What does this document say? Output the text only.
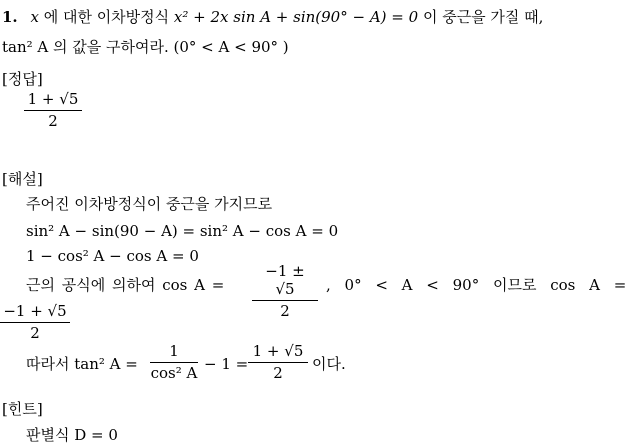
1. x 에 대한 이차방정식 x² + 2x sin A + sin(90° − A) = 0 이 중근을 가질 때,
tan² A 의 값을 구하여라. (0° < A < 90° )
[정답]
1 + √5
2
[해설]
주어진 이차방정식이 중근을 가지므로
sin² A − sin(90 − A) = sin² A − cos A = 0
1 − cos² A − cos A = 0
근의 공식에 의하여 cos A =
−1 ± √5
2
, 0° < A < 90° 이므로 cos A =
−1 + √5
2
따라서 tan² A =
1
cos² A − 1 =
1 + √5
2	이다.
[힌트]
판별식 D = 0
